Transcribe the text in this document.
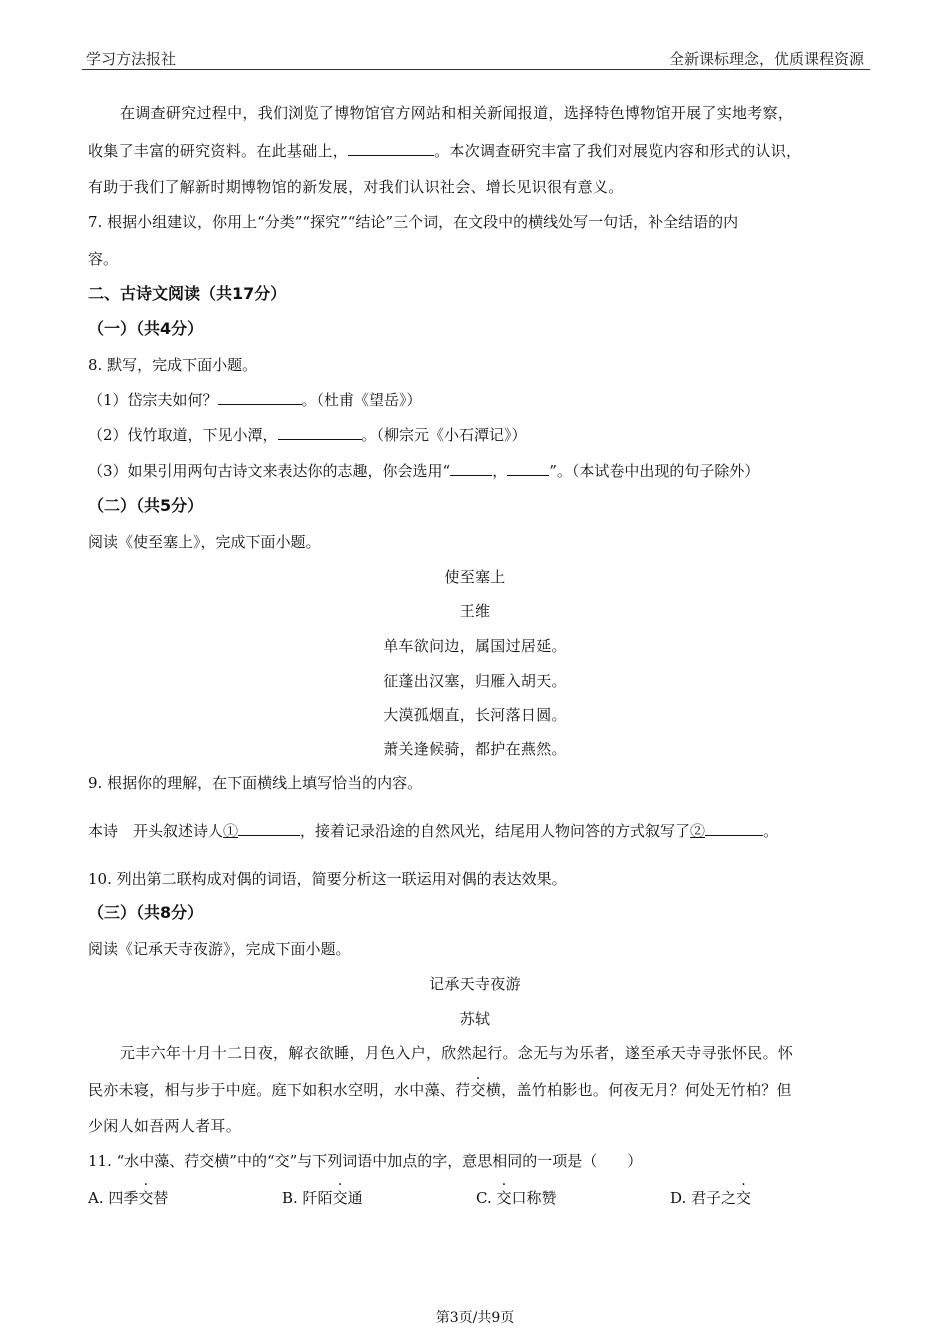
学习方法报社	全新课标理念，优质课程资源
在调查研究过程中，我们浏览了博物馆官方网站和相关新闻报道，选择特色博物馆开展了实地考察，
收集了丰富的研究资料。在此基础上，	。本次调查研究丰富了我们对展览内容和形式的认识，
有助于我们了解新时期博物馆的新发展，对我们认识社会、增长见识很有意义。
7. 根据小组建议，你用上“分类”“探究”“结论”三个词，在文段中的横线处写一句话，补全结语的内
容。
二、古诗文阅读（共17分）
（一）（共4分）
8. 默写，完成下面小题。
（1）岱宗夫如何？	。（杜甫《望岳》）
（2）伐竹取道，下见小潭，	。（柳宗元《小石潭记》）
（3）如果引用两句古诗文来表达你的志趣，你会选用“	，	”。（本试卷中出现的句子除外）
（二）（共5分）
阅读《使至塞上》，完成下面小题。
使至塞上
王维
单车欲问边，属国过居延。
征蓬出汉塞，归雁入胡天。
大漠孤烟直，长河落日圆。
萧关逢候骑，都护在燕然。
9. 根据你的理解，在下面横线上填写恰当的内容。
本诗　开头叙述诗人①	，接着记录沿途的自然风光，结尾用人物问答的方式叙写了②	。
10. 列出第二联构成对偶的词语，简要分析这一联运用对偶的表达效果。
（三）（共8分）
阅读《记承天寺夜游》，完成下面小题。
记承天寺夜游
苏轼
元丰六年十月十二日夜，解衣欲睡，月色入户，欣然起行。念无与为乐者，遂至承天寺寻张怀民。怀
民亦未寝，相与步于中庭。庭下如积水空明，水中藻、荇交横，盖竹柏影也。何夜无月？何处无竹柏？但
少闲人如吾两人者耳。
11. “水中藻、荇交横”中的“交”与下列词语中加点的字，意思相同的一项是（　　）
A. 四季交替	B. 阡陌交通	C. 交口称赞	D. 君子之交
第3页/共9页
